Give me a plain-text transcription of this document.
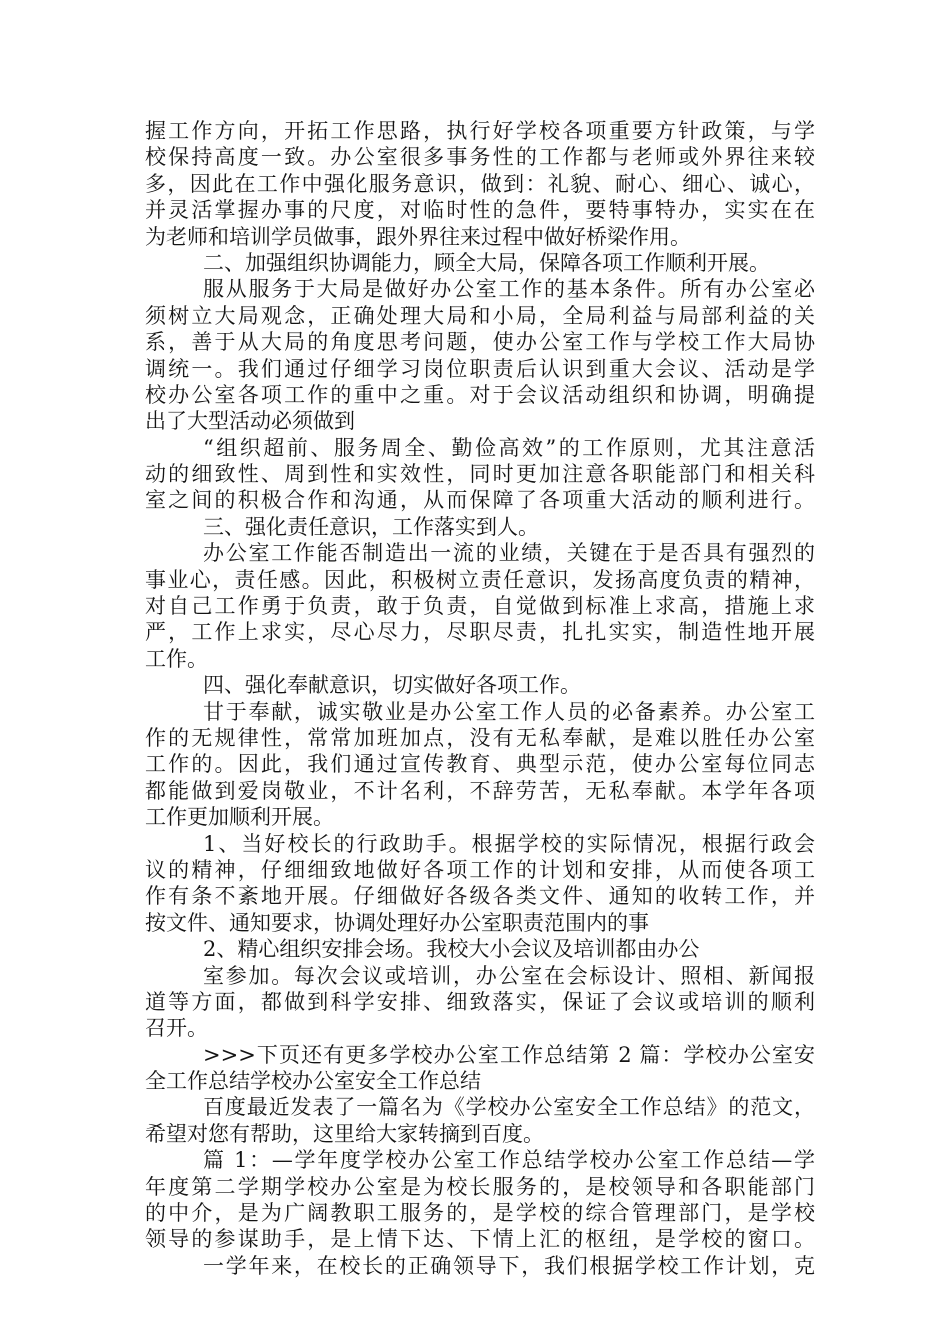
握工作方向，开拓工作思路，执行好学校各项重要方针政策，与学
校保持高度一致。办公室很多事务性的工作都与老师或外界往来较
多，因此在工作中强化服务意识，做到：礼貌、耐心、细心、诚心，
并灵活掌握办事的尺度，对临时性的急件，要特事特办，实实在在
为老师和培训学员做事，跟外界往来过程中做好桥梁作用。
二、加强组织协调能力，顾全大局，保障各项工作顺利开展。
服从服务于大局是做好办公室工作的基本条件。所有办公室必
须树立大局观念，正确处理大局和小局，全局利益与局部利益的关
系，善于从大局的角度思考问题，使办公室工作与学校工作大局协
调统一。我们通过仔细学习岗位职责后认识到重大会议、活动是学
校办公室各项工作的重中之重。对于会议活动组织和协调，明确提
出了大型活动必须做到
“组织超前、服务周全、勤俭高效”的工作原则，尤其注意活
动的细致性、周到性和实效性，同时更加注意各职能部门和相关科
室之间的积极合作和沟通，从而保障了各项重大活动的顺利进行。
三、强化责任意识，工作落实到人。
办公室工作能否制造出一流的业绩，关键在于是否具有强烈的
事业心，责任感。因此，积极树立责任意识，发扬高度负责的精神，
对自己工作勇于负责，敢于负责，自觉做到标准上求高，措施上求
严，工作上求实，尽心尽力，尽职尽责，扎扎实实，制造性地开展
工作。
四、强化奉献意识，切实做好各项工作。
甘于奉献，诚实敬业是办公室工作人员的必备素养。办公室工
作的无规律性，常常加班加点，没有无私奉献，是难以胜任办公室
工作的。因此，我们通过宣传教育、典型示范，使办公室每位同志
都能做到爱岗敬业，不计名利，不辞劳苦，无私奉献。本学年各项
工作更加顺利开展。
1、当好校长的行政助手。根据学校的实际情况，根据行政会
议的精神，仔细细致地做好各项工作的计划和安排，从而使各项工
作有条不紊地开展。仔细做好各级各类文件、通知的收转工作，并
按文件、通知要求，协调处理好办公室职责范围内的事
2、精心组织安排会场。我校大小会议及培训都由办公
室参加。每次会议或培训，办公室在会标设计、照相、新闻报
道等方面，都做到科学安排、细致落实，保证了会议或培训的顺利
召开。
>>>下页还有更多学校办公室工作总结第 2 篇：学校办公室安
全工作总结学校办公室安全工作总结
百度最近发表了一篇名为《学校办公室安全工作总结》的范文，
希望对您有帮助，这里给大家转摘到百度。
篇 1：—学年度学校办公室工作总结学校办公室工作总结—学
年度第二学期学校办公室是为校长服务的，是校领导和各职能部门
的中介，是为广阔教职工服务的，是学校的综合管理部门，是学校
领导的参谋助手，是上情下达、下情上汇的枢纽，是学校的窗口。
一学年来，在校长的正确领导下，我们根据学校工作计划，克
